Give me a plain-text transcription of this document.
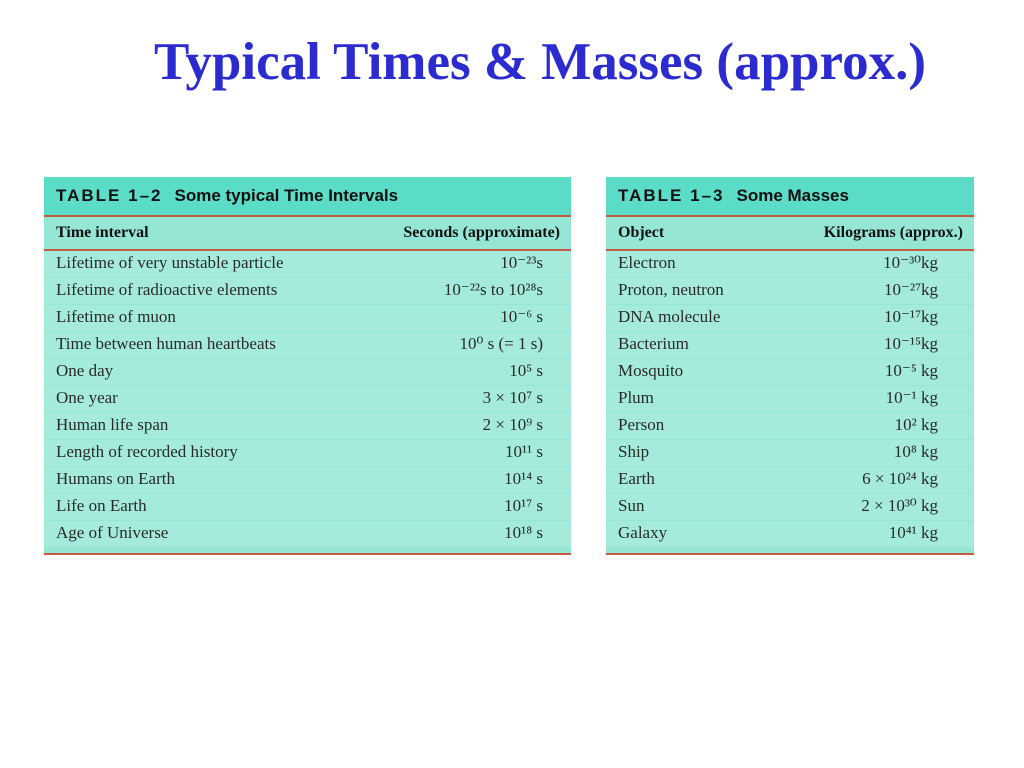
Typical Times & Masses (approx.)
TABLE 1–2 Some typical Time Intervals
Time interval	Seconds (approximate)
Lifetime of very unstable particle	10⁻²³s
Lifetime of radioactive elements	10⁻²²s to 10²⁸s
Lifetime of muon	10⁻⁶ s
Time between human heartbeats	10⁰ s (= 1 s)
One day	10⁵ s
One year	3 × 10⁷ s
Human life span	2 × 10⁹ s
Length of recorded history	10¹¹ s
Humans on Earth	10¹⁴ s
Life on Earth	10¹⁷ s
Age of Universe	10¹⁸ s
TABLE 1–3 Some Masses
Object	Kilograms (approx.)
Electron	10⁻³⁰kg
Proton, neutron	10⁻²⁷kg
DNA molecule	10⁻¹⁷kg
Bacterium	10⁻¹⁵kg
Mosquito	10⁻⁵ kg
Plum	10⁻¹ kg
Person	10² kg
Ship	10⁸ kg
Earth	6 × 10²⁴ kg
Sun	2 × 10³⁰ kg
Galaxy	10⁴¹ kg
